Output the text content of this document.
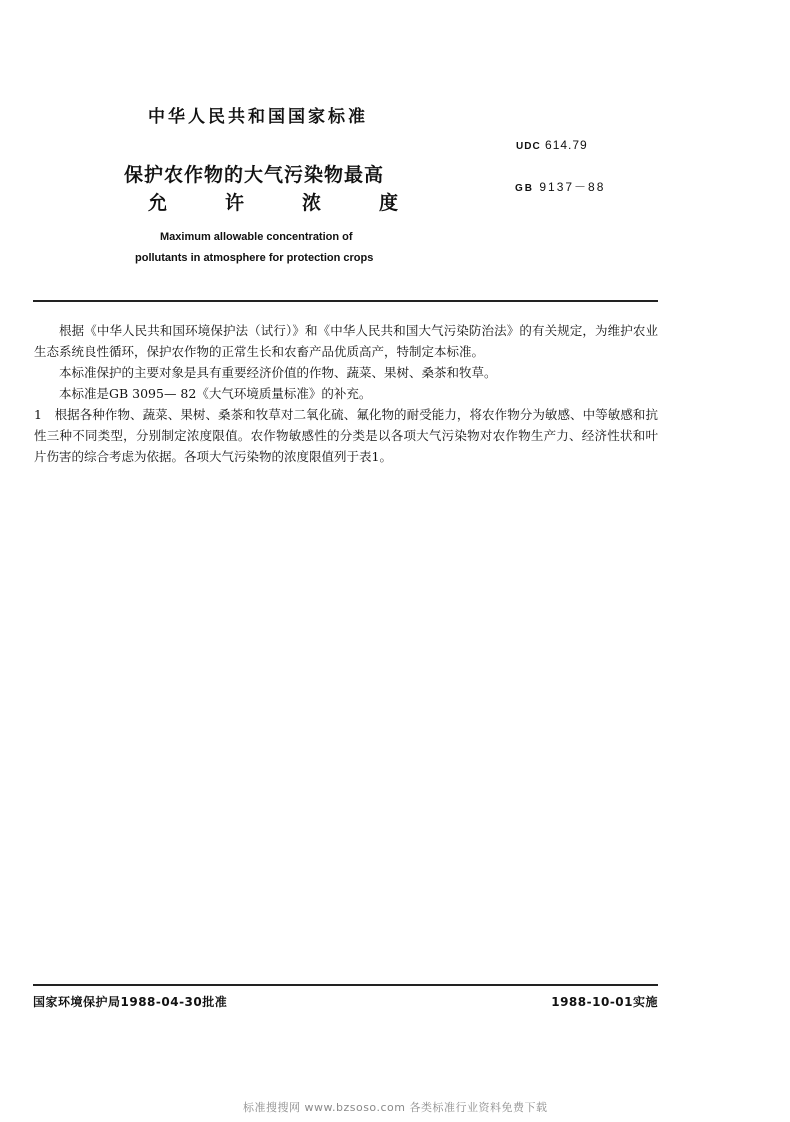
中华人民共和国国家标准
保护农作物的大气污染物最高
允	许	浓	度
Maximum allowable concentration of
pollutants in atmosphere for protection crops
UDC 614.79
GB 9137－88

根据《中华人民共和国环境保护法（试行）》和《中华人民共和国大气污染防治法》的有关规定，为维护农业生态系统良性循环，保护农作物的正常生长和农畜产品优质高产，特制定本标准。

本标准保护的主要对象是具有重要经济价值的作物、蔬菜、果树、桑茶和牧草。

本标准是GB 3095— 82《大气环境质量标准》的补充。

1　根据各种作物、蔬菜、果树、桑茶和牧草对二氧化硫、氟化物的耐受能力，将农作物分为敏感、中等敏感和抗性三种不同类型，分别制定浓度限值。农作物敏感性的分类是以各项大气污染物对农作物生产力、经济性状和叶片伤害的综合考虑为依据。各项大气污染物的浓度限值列于表1。

国家环境保护局1988-04-30批准	1988-10-01实施
标准搜搜网 www.bzsoso.com 各类标准行业资料免费下载
